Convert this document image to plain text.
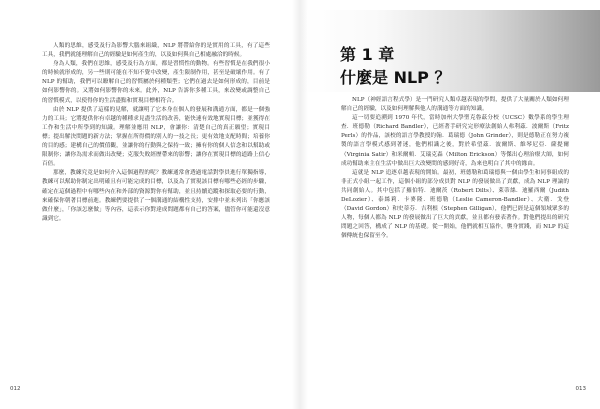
人類的思維，感受及行為影響大腦來組織，NLP 將帶給你的是實用的工具，有了這些工具，我們就能理解自己的經驗是如何產生的，以及如何與自己相處融洽的時候。

身為人類，我們在思維，感受及行為方面，都是習慣性的動物。有些習慣是在我們很小的時候就形成的，另一些則可能在不知不覺中改變，產生限制作用，甚至是破壞作用。有了 NLP 的幫助，我們可以瞭解自己的習慣屬於何種類型；它們在過去是如何形成的，目前是如何影響你的。又將如何影響你的未來。此外，NLP 告訴你多種工具，來改變或調整自己的習慣模式，以使得你的生活盡點和實現目標相符合。

由於 NLP 提供了這樣的見解，就讓明了它本身在個人的發展和溝通方面，都是一個強力的工具；它將提供你有卓越的種種求見盡生活的改善，能快速有效地實現目標；並獲得在工作和生活中所學到的知識。理解並應用 NLP，會讓你：清楚自己的真正願望；實現目標；提出解決問題的新方法；掌握在所得價的別人的一技之長；更有效地支配時間；培養你的目的感；建構自己的價值觀，並讓你的行動與之保持一致；擁有你的個人信念和以幫助或限制你；讓你為需求而做出改變；克服失敗經歷帶來的影響；讓你在實現目標的道路上信心百倍。

那麼，教練究竟是如何介入這個過程的呢？教練通常會透過電話對學員進行單獨指導，教練可以幫助你制定出明確且有可能完成的目標，以及為了實現該目標有哪些必經的步驟，確定在這個過程中有哪些內在和外部的資源對你有幫助，並且持續追蹤和探取必要的行動，來確保你朝著目標前進。教練們要提供了一個溝通的結構性支持，安排中並未列出「你應該做什麼」，「你該怎麼做」等內容，這表示你對達成問題都有自己的答案，儘管你可能還沒意識到它。

012
第 1 章
什麼是 NLP ？

NLP（神經語言程式學）是一門研究人類卓越表現的學問，提供了大量關於人類如何理解自己的經驗，以及如何理解與他人的溝通等方面的知識。

這一切要追溯到 1970 年代，當時加州大學聖克魯茲分校（UCSC）數學系的學生理查．班德勒（Richard Bandler），已經著手研究完形療法創始人弗利茲．波爾斯（Fritz Perls）的作品，該校的語言學教授約翰．葛瑞德（John Grinder），則是德勒正在努力複製的語言學模式感到著迷，他們相識之後，對於希望茲．波爾斯、維琴尼亞．薩提爾（Virginia Satir）和米爾頓．艾瑞克森（Milton Erickson）等傑出心理治療大師，如何成功幫助來主在生活中做出巨大改變問的感到好奇，為來也明白了其中的緣由。

這就是 NLP 追逐卓越表現的開始。最初，班德勒和葛瑞德與一個由學生和同事組成的非正式小組一起工作，這個小組的部分成員對 NLP 的發展做出了貢獻，成為 NLP 理論的共同創始人。其中包括了羅伯特．迪爾茨（Robert Dilts）、萊蒂絲．迪羅西爾（Judith DeLozier）、泰絲莉．卡麥隆．班德勒（Leslie Cameron-Bandler）、大衛．戈登（David Gordon）和史蒂芬．吉利根（Stephen Gilligan），他們已經是這個領域眾多的人物，每個人都為 NLP 的發展做出了巨大的貢獻，並且都有發表著作。對他們提出的研究問題之回答，構成了 NLP 的基礎。從一開始，他們就相互協作，襲身實踐，而 NLP 的這個傳統也保留至今。

013
